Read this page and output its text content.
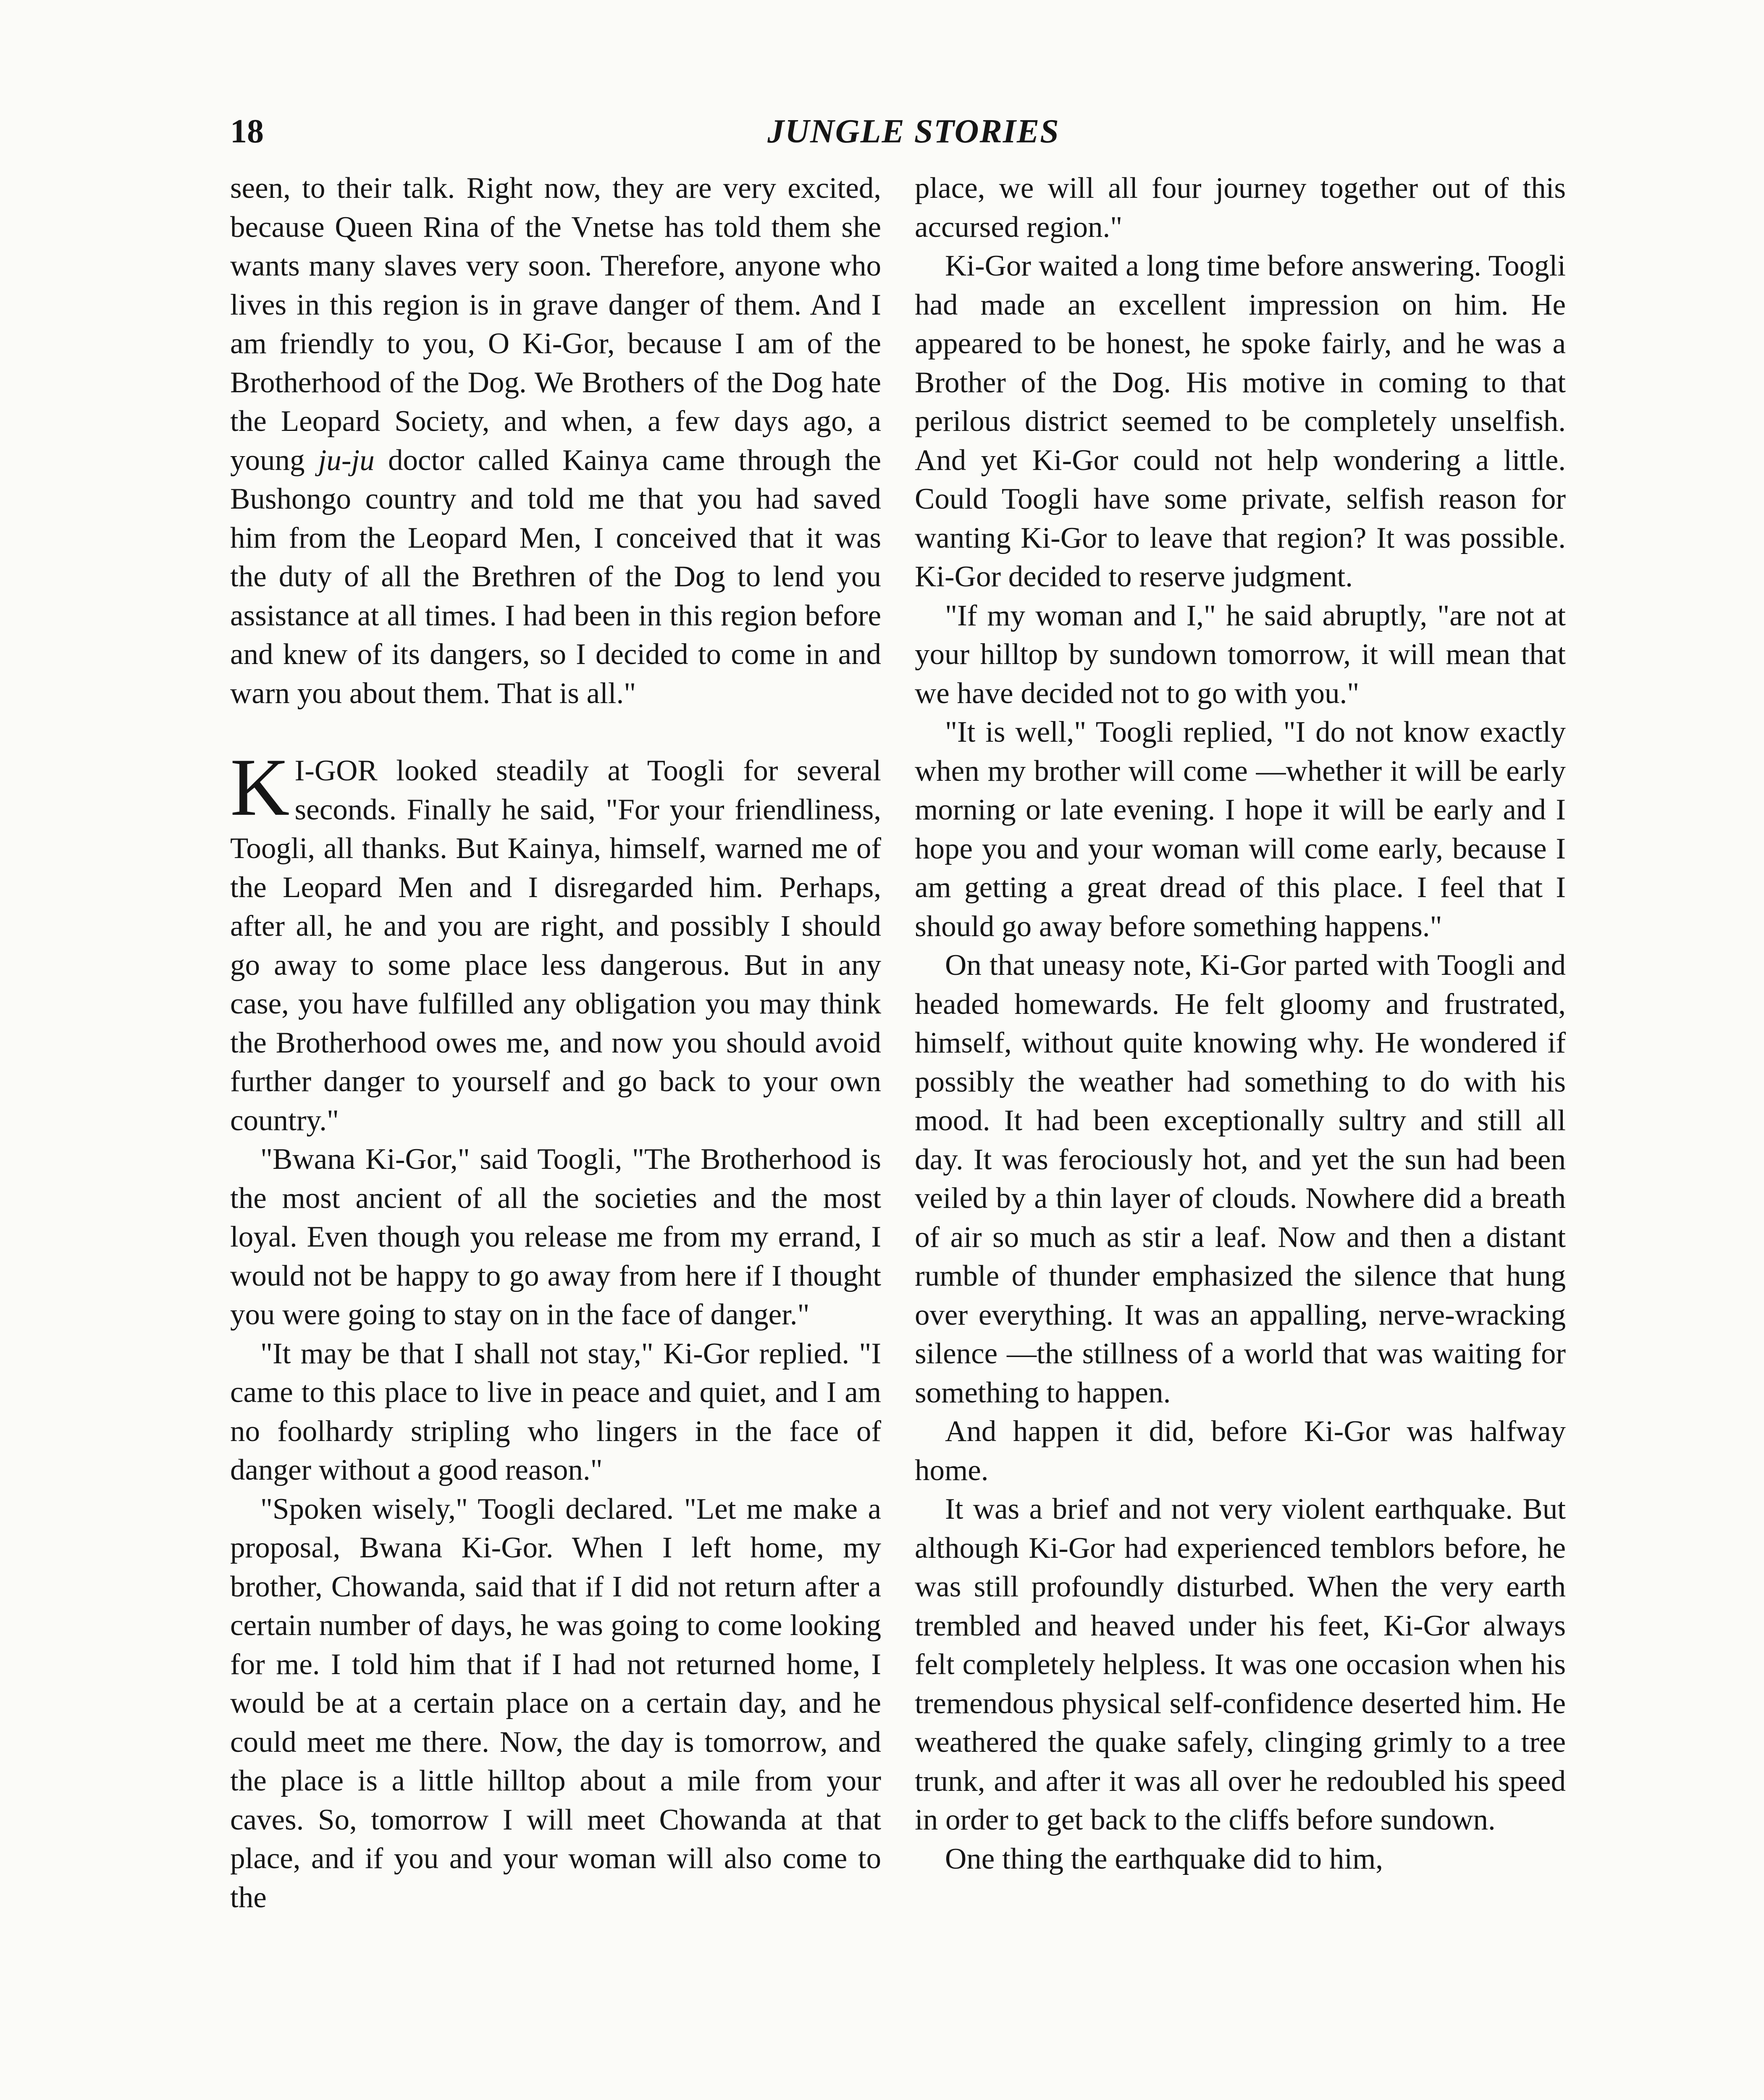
18	JUNGLE STORIES

seen, to their talk. Right now, they are very excited, because Queen Rina of the Vnetse has told them she wants many slaves very soon. Therefore, anyone who lives in this region is in grave danger of them. And I am friendly to you, O Ki-Gor, because I am of the Brotherhood of the Dog. We Brothers of the Dog hate the Leopard Society, and when, a few days ago, a young ju-ju doctor called Kainya came through the Bushongo country and told me that you had saved him from the Leopard Men, I conceived that it was the duty of all the Brethren of the Dog to lend you assistance at all times. I had been in this region before and knew of its dangers, so I decided to come in and warn you about them. That is all."

K I-GOR looked steadily at Toogli for several seconds. Finally he said, "For your friendliness, Toogli, all thanks. But Kainya, himself, warned me of the Leopard Men and I disregarded him. Perhaps, after all, he and you are right, and possibly I should go away to some place less dangerous. But in any case, you have fulfilled any obligation you may think the Brotherhood owes me, and now you should avoid further danger to yourself and go back to your own country."

"Bwana Ki-Gor," said Toogli, "The Brotherhood is the most ancient of all the societies and the most loyal. Even though you release me from my errand, I would not be happy to go away from here if I thought you were going to stay on in the face of danger."

"It may be that I shall not stay," Ki-Gor replied. "I came to this place to live in peace and quiet, and I am no foolhardy stripling who lingers in the face of danger without a good reason."

"Spoken wisely," Toogli declared. "Let me make a proposal, Bwana Ki-Gor. When I left home, my brother, Chowanda, said that if I did not return after a certain number of days, he was going to come looking for me. I told him that if I had not returned home, I would be at a certain place on a certain day, and he could meet me there. Now, the day is tomorrow, and the place is a little hilltop about a mile from your caves. So, tomorrow I will meet Chowanda at that place, and if you and your woman will also come to the

place, we will all four journey together out of this accursed region."

Ki-Gor waited a long time before answering. Toogli had made an excellent impression on him. He appeared to be honest, he spoke fairly, and he was a Brother of the Dog. His motive in coming to that perilous district seemed to be completely unselfish. And yet Ki-Gor could not help wondering a little. Could Toogli have some private, selfish reason for wanting Ki-Gor to leave that region? It was possible. Ki-Gor decided to reserve judgment.

"If my woman and I," he said abruptly, "are not at your hilltop by sundown tomorrow, it will mean that we have decided not to go with you."

"It is well," Toogli replied, "I do not know exactly when my brother will come —whether it will be early morning or late evening. I hope it will be early and I hope you and your woman will come early, because I am getting a great dread of this place. I feel that I should go away before something happens."

On that uneasy note, Ki-Gor parted with Toogli and headed homewards. He felt gloomy and frustrated, himself, without quite knowing why. He wondered if possibly the weather had something to do with his mood. It had been exceptionally sultry and still all day. It was ferociously hot, and yet the sun had been veiled by a thin layer of clouds. Nowhere did a breath of air so much as stir a leaf. Now and then a distant rumble of thunder emphasized the silence that hung over everything. It was an appalling, nerve-wracking silence —the stillness of a world that was waiting for something to happen.

And happen it did, before Ki-Gor was halfway home.

It was a brief and not very violent earthquake. But although Ki-Gor had experienced temblors before, he was still profoundly disturbed. When the very earth trembled and heaved under his feet, Ki-Gor always felt completely helpless. It was one occasion when his tremendous physical self-confidence deserted him. He weathered the quake safely, clinging grimly to a tree trunk, and after it was all over he redoubled his speed in order to get back to the cliffs before sundown.

One thing the earthquake did to him,
